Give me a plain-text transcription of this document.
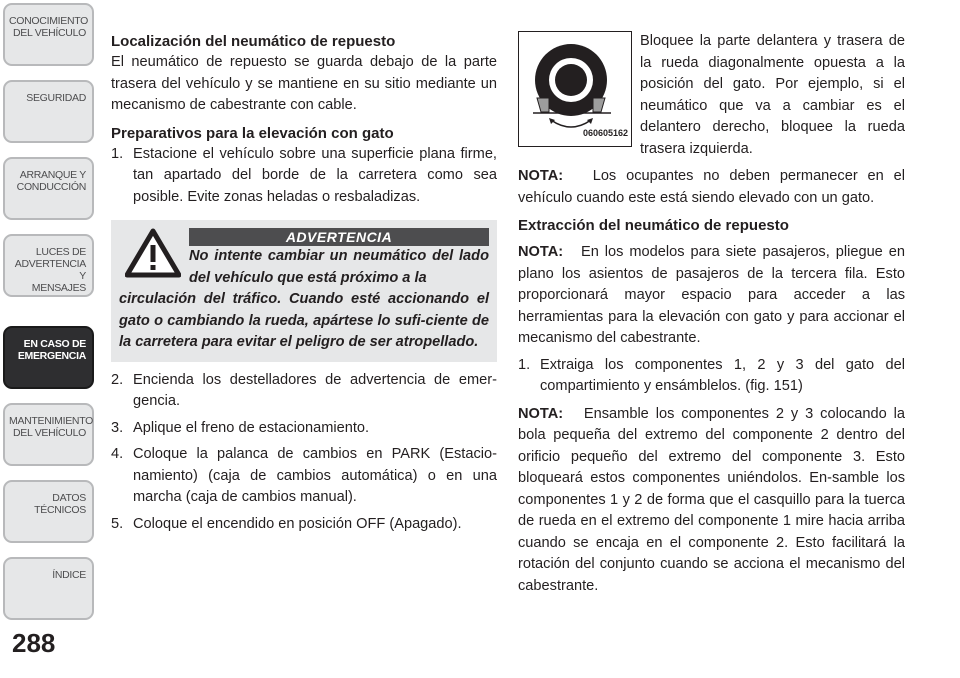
CONOCIMIENTO
DEL VEHÍCULO
SEGURIDAD
ARRANQUE Y
CONDUCCIÓN
LUCES DE
ADVERTENCIA Y
MENSAJES
EN CASO DE
EMERGENCIA
MANTENIMIENTO
DEL VEHÍCULO
DATOS
TÉCNICOS
ÍNDICE
288
Localización del neumático de repuesto

El neumático de repuesto se guarda debajo de la parte trasera del vehículo y se mantiene en su sitio mediante un mecanismo de cabestrante con cable.

Preparativos para la elevación con gato
1. Estacione el vehículo sobre una superficie plana firme, tan apartado del borde de la carretera como sea posible. Evite zonas heladas o resbaladizas.
ADVERTENCIA
No intente cambiar un neumático del lado del vehículo que está próximo a la
circulación del tráfico. Cuando esté accionando el gato o cambiando la rueda, apártese lo sufi-ciente de la carretera para evitar el peligro de ser atropellado.
2. Encienda los destelladores de advertencia de emer-gencia.
3. Aplique el freno de estacionamiento.
4. Coloque la palanca de cambios en PARK (Estacio-namiento) (caja de cambios automática) o en una marcha (caja de cambios manual).
5. Coloque el encendido en posición OFF (Apagado).
060605162

Bloquee la parte delantera y trasera de la rueda diagonalmente opuesta a la posición del gato. Por ejemplo, si el neumático que va a cambiar es el delantero derecho, bloquee la rueda trasera izquierda.

NOTA: Los ocupantes no deben permanecer en el vehículo cuando este está siendo elevado con un gato.

Extracción del neumático de repuesto

NOTA: En los modelos para siete pasajeros, pliegue en plano los asientos de pasajeros de la tercera fila. Esto proporcionará mayor espacio para acceder a las herramientas para la elevación con gato y para accionar el mecanismo del cabestrante.

1. Extraiga los componentes 1, 2 y 3 del gato del compartimiento y ensámblelos. (fig. 151)

NOTA: Ensamble los componentes 2 y 3 colocando la bola pequeña del extremo del componente 2 dentro del orificio pequeño del extremo del componente 3. Esto bloqueará estos componentes uniéndolos. En-samble los componentes 1 y 2 de forma que el casquillo para la tuerca de rueda en el extremo del componente 1 mire hacia arriba cuando se encaja en el componente 2. Esto facilitará la rotación del conjunto cuando se acciona el mecanismo del cabestrante.
